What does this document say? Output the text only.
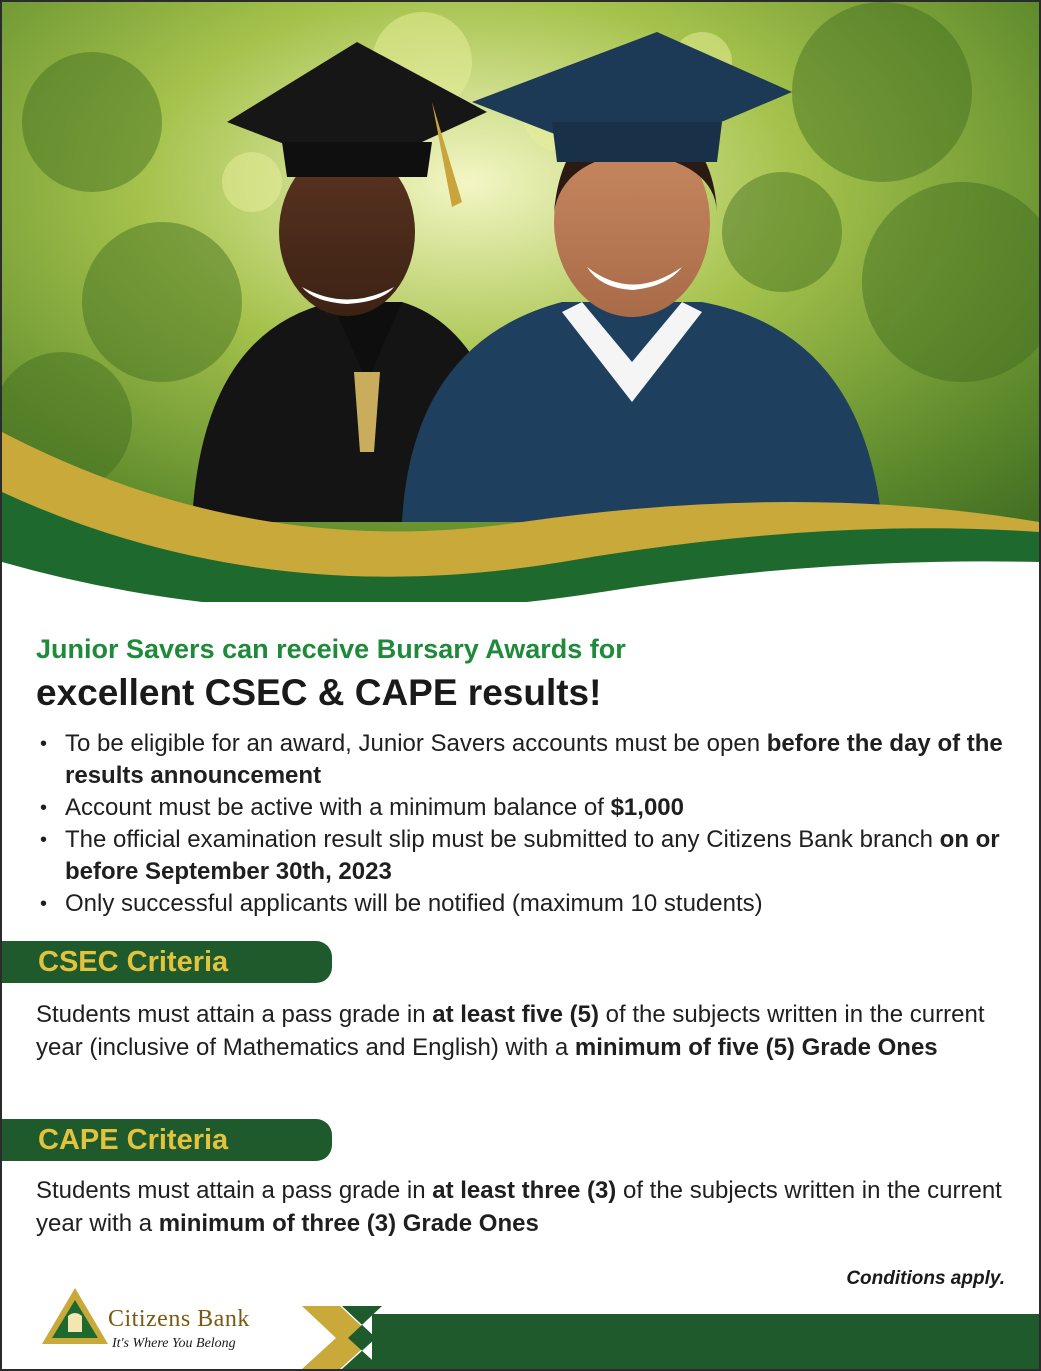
Junior Savers can receive Bursary Awards for
excellent CSEC & CAPE results!
• To be eligible for an award, Junior Savers accounts must be open before the day of the results announcement
• Account must be active with a minimum balance of $1,000
• The official examination result slip must be submitted to any Citizens Bank branch on or before September 30th, 2023
• Only successful applicants will be notified (maximum 10 students)
CSEC Criteria
Students must attain a pass grade in at least five (5) of the subjects written in the current year (inclusive of Mathematics and English) with a minimum of five (5) Grade Ones
CAPE Criteria
Students must attain a pass grade in at least three (3) of the subjects written in the current year with a minimum of three (3) Grade Ones
Conditions apply.
Citizens Bank
It's Where You Belong
